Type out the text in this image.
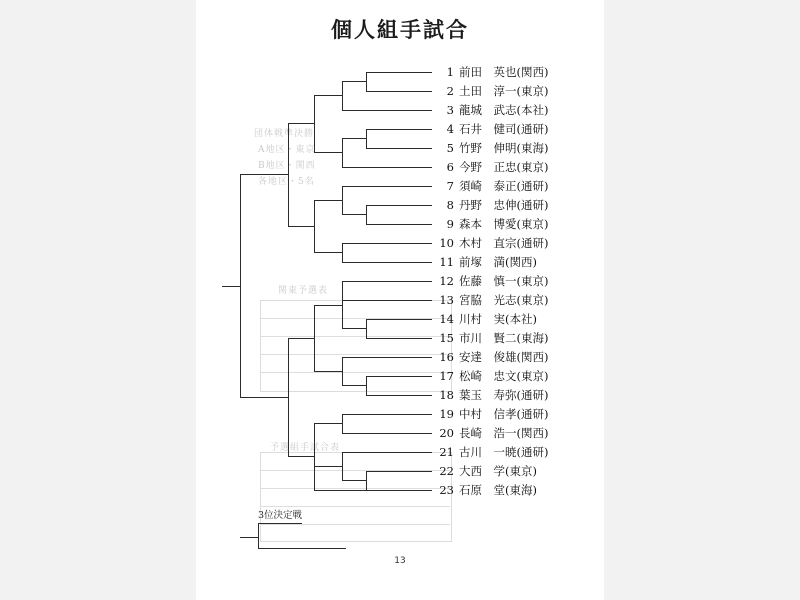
個人組手試合
団体戦準決勝
A地区・東京
B地区・関西
各地区・5名
関東予選表
予選組手試合表
1 前田　英也(関西)
2 土田　淳一(東京)
3 龍城　武志(本社)
4 石井　健司(通研)
5 竹野　伸明(東海)
6 今野　正忠(東京)
7 須崎　泰正(通研)
8 丹野　忠伸(通研)
9 森本　博愛(東京)
10 木村　直宗(通研)
11 前塚　満(関西)
12 佐藤　慎一(東京)
13 宮脇　光志(東京)
14 川村　実(本社)
15 市川　賢二(東海)
16 安達　俊雄(関西)
17 松崎　忠文(東京)
18 葉玉　寿弥(通研)
19 中村　信孝(通研)
20 長崎　浩一(関西)
21 古川　一暁(通研)
22 大西　学(東京)
23 石原　堂(東海)
3位決定戦
13
